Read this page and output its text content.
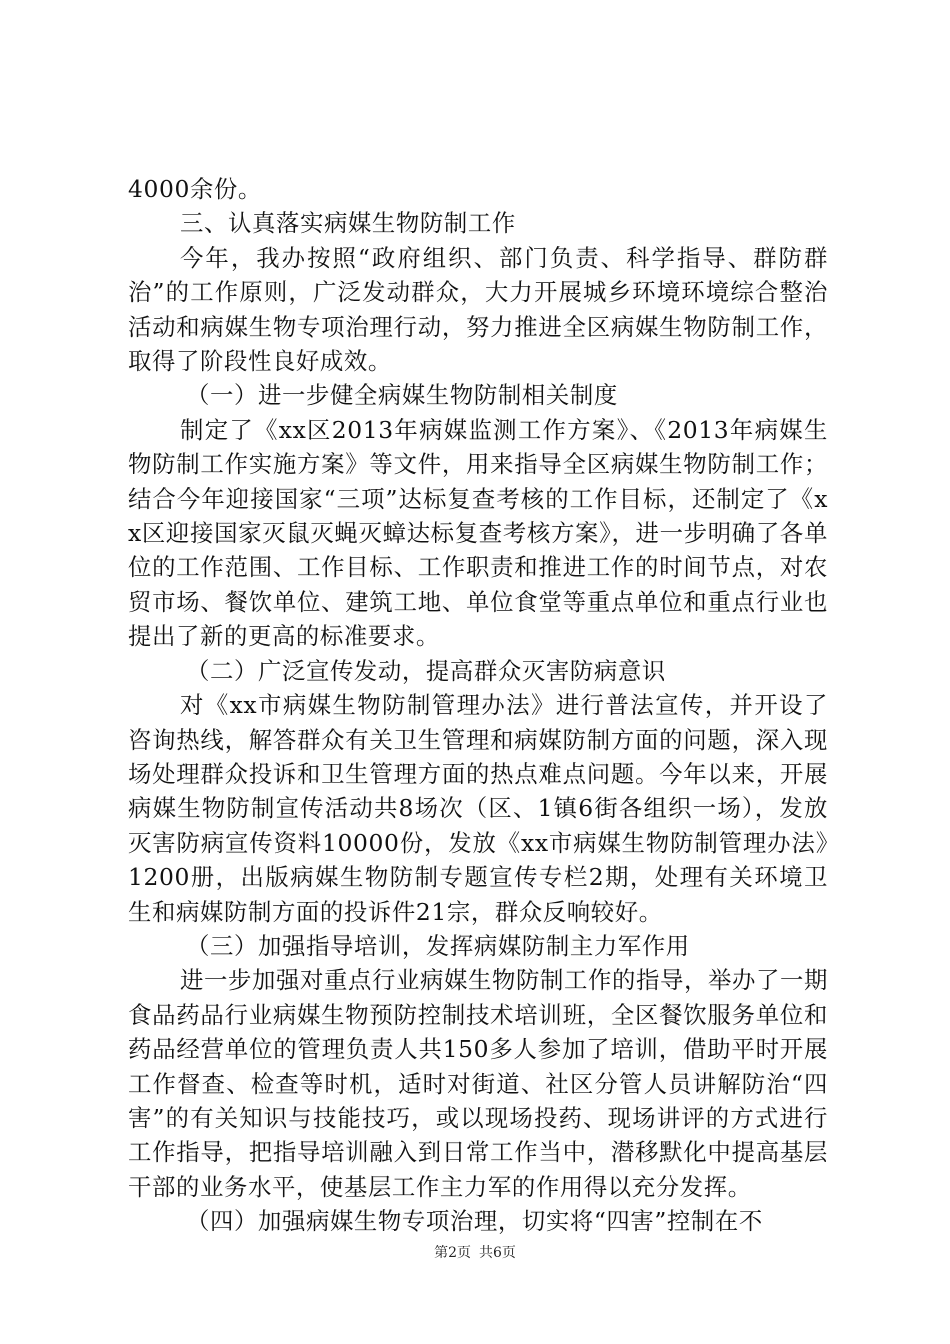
4000余份。

三、认真落实病媒生物防制工作

今年，我办按照“政府组织、部门负责、科学指导、群防群治”的工作原则，广泛发动群众，大力开展城乡环境环境综合整治活动和病媒生物专项治理行动，努力推进全区病媒生物防制工作，取得了阶段性良好成效。

（一）进一步健全病媒生物防制相关制度

制定了《xx区2013年病媒监测工作方案》、《2013年病媒生物防制工作实施方案》等文件，用来指导全区病媒生物防制工作；结合今年迎接国家“三项”达标复查考核的工作目标，还制定了《xx区迎接国家灭鼠灭蝇灭蟑达标复查考核方案》，进一步明确了各单位的工作范围、工作目标、工作职责和推进工作的时间节点，对农贸市场、餐饮单位、建筑工地、单位食堂等重点单位和重点行业也提出了新的更高的标准要求。

（二）广泛宣传发动，提高群众灭害防病意识

对《xx市病媒生物防制管理办法》进行普法宣传，并开设了咨询热线，解答群众有关卫生管理和病媒防制方面的问题，深入现场处理群众投诉和卫生管理方面的热点难点问题。今年以来，开展病媒生物防制宣传活动共8场次（区、1镇6街各组织一场），发放灭害防病宣传资料10000份，发放《xx市病媒生物防制管理办法》1200册，出版病媒生物防制专题宣传专栏2期，处理有关环境卫生和病媒防制方面的投诉件21宗，群众反响较好。

（三）加强指导培训，发挥病媒防制主力军作用

进一步加强对重点行业病媒生物防制工作的指导，举办了一期食品药品行业病媒生物预防控制技术培训班，全区餐饮服务单位和药品经营单位的管理负责人共150多人参加了培训，借助平时开展工作督查、检查等时机，适时对街道、社区分管人员讲解防治“四害”的有关知识与技能技巧，或以现场投药、现场讲评的方式进行工作指导，把指导培训融入到日常工作当中，潜移默化中提高基层干部的业务水平，使基层工作主力军的作用得以充分发挥。

（四）加强病媒生物专项治理，切实将“四害”控制在不

第2页 共6页
